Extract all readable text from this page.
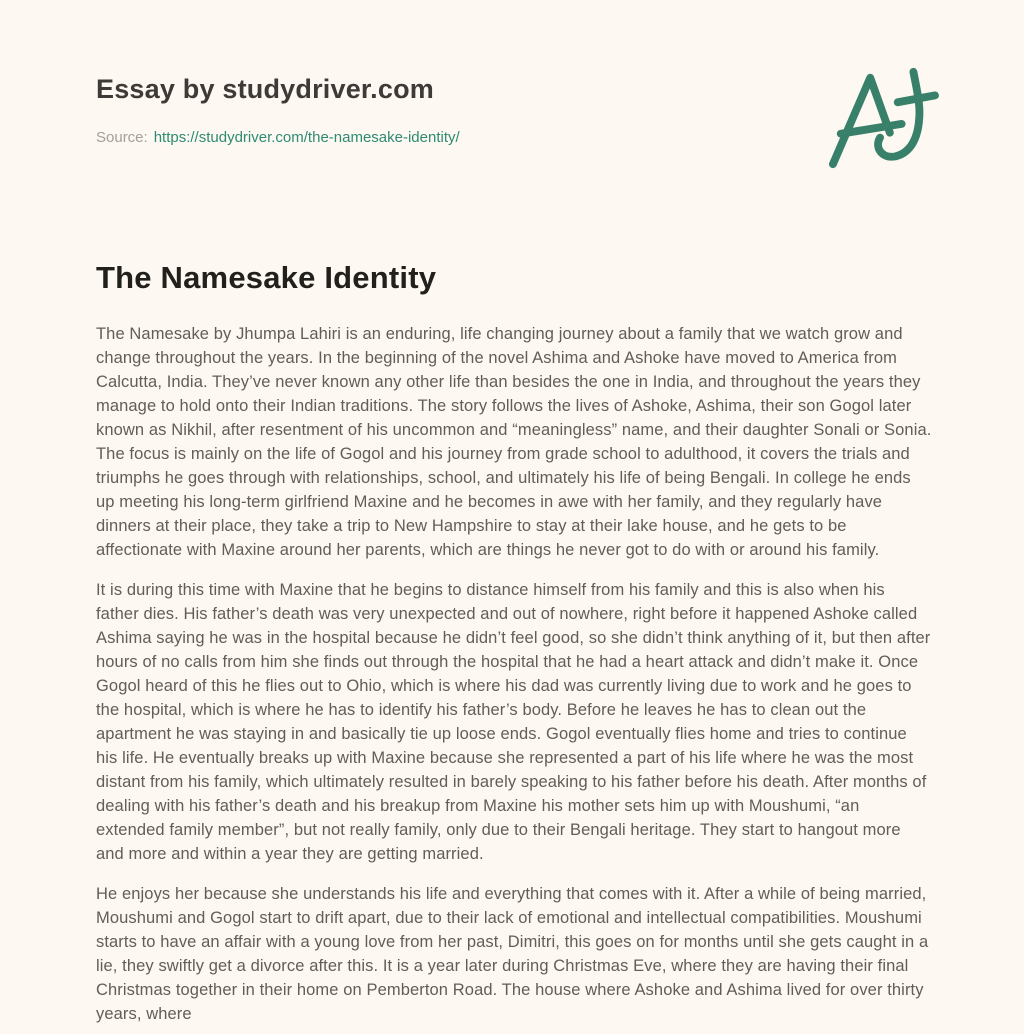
Essay by studydriver.com
Source: https://studydriver.com/the-namesake-identity/
The Namesake Identity

The Namesake by Jhumpa Lahiri is an enduring, life changing journey about a family that we watch grow and change throughout the years. In the beginning of the novel Ashima and Ashoke have moved to America from Calcutta, India. They’ve never known any other life than besides the one in India, and throughout the years they manage to hold onto their Indian traditions. The story follows the lives of Ashoke, Ashima, their son Gogol later known as Nikhil, after resentment of his uncommon and “meaningless” name, and their daughter Sonali or Sonia. The focus is mainly on the life of Gogol and his journey from grade school to adulthood, it covers the trials and triumphs he goes through with relationships, school, and ultimately his life of being Bengali. In college he ends up meeting his long-term girlfriend Maxine and he becomes in awe with her family, and they regularly have dinners at their place, they take a trip to New Hampshire to stay at their lake house, and he gets to be affectionate with Maxine around her parents, which are things he never got to do with or around his family.

It is during this time with Maxine that he begins to distance himself from his family and this is also when his father dies. His father’s death was very unexpected and out of nowhere, right before it happened Ashoke called Ashima saying he was in the hospital because he didn’t feel good, so she didn’t think anything of it, but then after hours of no calls from him she finds out through the hospital that he had a heart attack and didn’t make it. Once Gogol heard of this he flies out to Ohio, which is where his dad was currently living due to work and he goes to the hospital, which is where he has to identify his father’s body. Before he leaves he has to clean out the apartment he was staying in and basically tie up loose ends. Gogol eventually flies home and tries to continue his life. He eventually breaks up with Maxine because she represented a part of his life where he was the most distant from his family, which ultimately resulted in barely speaking to his father before his death. After months of dealing with his father’s death and his breakup from Maxine his mother sets him up with Moushumi, “an extended family member”, but not really family, only due to their Bengali heritage. They start to hangout more and more and within a year they are getting married.

He enjoys her because she understands his life and everything that comes with it. After a while of being married, Moushumi and Gogol start to drift apart, due to their lack of emotional and intellectual compatibilities. Moushumi starts to have an affair with a young love from her past, Dimitri, this goes on for months until she gets caught in a lie, they swiftly get a divorce after this. It is a year later during Christmas Eve, where they are having their final Christmas together in their home on Pemberton Road. The house where Ashoke and Ashima lived for over thirty years, where
